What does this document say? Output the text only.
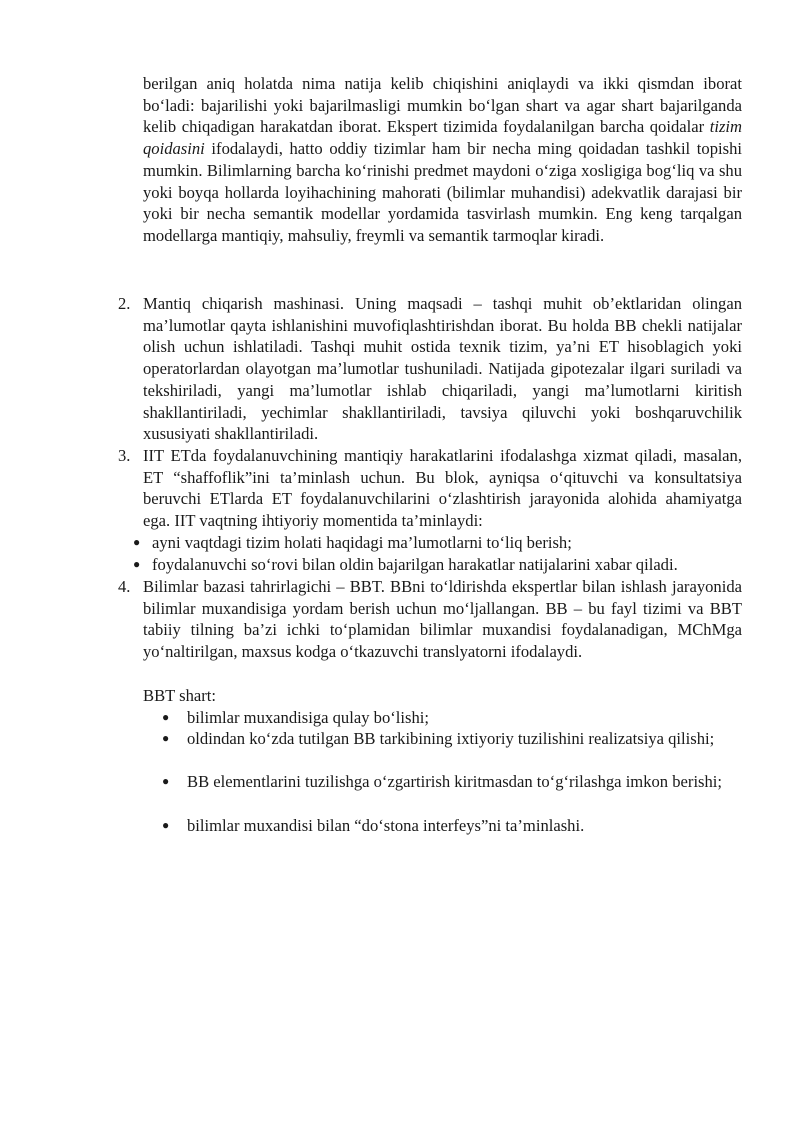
berilgan aniq holatda nima natija kelib chiqishini aniqlaydi va ikki qismdan iborat bo‘ladi: bajarilishi yoki bajarilmasligi mumkin bo‘lgan shart va agar shart bajarilganda kelib chiqadigan harakatdan iborat. Ekspert tizimida foydalanilgan barcha qoidalar tizim qoidasini ifodalaydi, hatto oddiy tizimlar ham bir necha ming qoidadan tashkil topishi mumkin. Bilimlarning barcha ko‘rinishi predmet maydoni o‘ziga xosligiga bog‘liq va shu yoki boyqa hollarda loyihachining mahorati (bilimlar muhandisi) adekvatlik darajasi bir yoki bir necha semantik modellar yordamida tasvirlash mumkin. Eng keng tarqalgan modellarga mantiqiy, mahsuliy, freymli va semantik tarmoqlar kiradi.

2. Mantiq chiqarish mashinasi. Uning maqsadi – tashqi muhit ob’ektlaridan olingan ma’lumotlar qayta ishlanishini muvofiqlashtirishdan iborat. Bu holda BB chekli natijalar olish uchun ishlatiladi. Tashqi muhit ostida texnik tizim, ya’ni ET hisoblagich yoki operatorlardan olayotgan ma’lumotlar tushuniladi. Natijada gipotezalar ilgari suriladi va tekshiriladi, yangi ma’lumotlar ishlab chiqariladi, yangi ma’lumotlarni kiritish shakllantiriladi, yechimlar shakllantiriladi, tavsiya qiluvchi yoki boshqaruvchilik xususiyati shakllantiriladi.

3. IIT ETda foydalanuvchining mantiqiy harakatlarini ifodalashga xizmat qiladi, masalan, ET “shaffoflik”ini ta’minlash uchun. Bu blok, ayniqsa o‘qituvchi va konsultatsiya beruvchi ETlarda ET foydalanuvchilarini o‘zlashtirish jarayonida alohida ahamiyatga ega. IIT vaqtning ihtiyoriy momentida ta’minlaydi:

● ayni vaqtdagi tizim holati haqidagi ma’lumotlarni to‘liq berish;

● foydalanuvchi so‘rovi bilan oldin bajarilgan harakatlar natijalarini xabar qiladi.

4. Bilimlar bazasi tahrirlagichi – BBT. BBni to‘ldirishda ekspertlar bilan ishlash jarayonida bilimlar muxandisiga yordam berish uchun mo‘ljallangan. BB – bu fayl tizimi va BBT tabiiy tilning ba’zi ichki to‘plamidan bilimlar muxandisi foydalanadigan, MChMga yo‘naltirilgan, maxsus kodga o‘tkazuvchi translyatorni ifodalaydi.

BBT shart:

● bilimlar muxandisiga qulay bo‘lishi;

● oldindan ko‘zda tutilgan BB tarkibining ixtiyoriy tuzilishini realizatsiya qilishi;

● BB elementlarini tuzilishga o‘zgartirish kiritmasdan to‘g‘rilashga imkon berishi;

● bilimlar muxandisi bilan “do‘stona interfeys”ni ta’minlashi.
